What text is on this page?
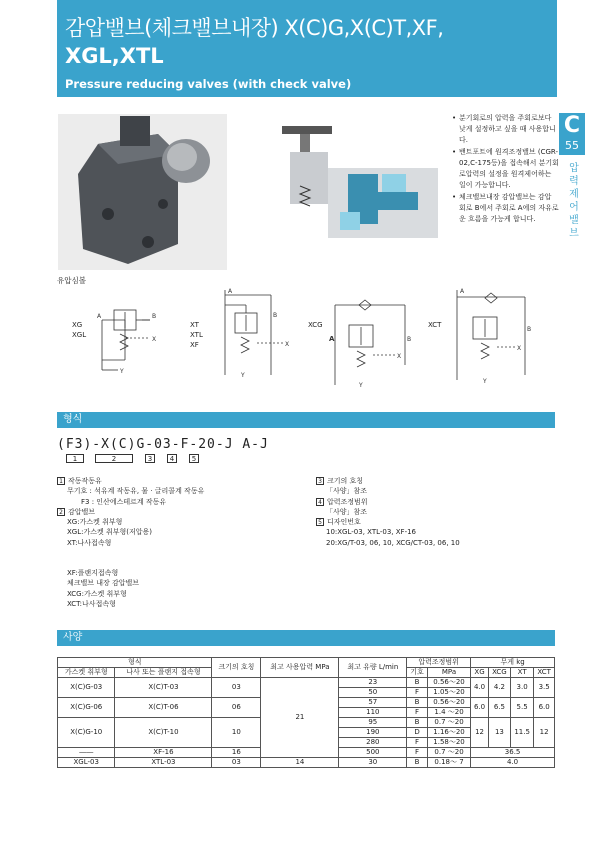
감압밸브(체크밸브내장) X(C)G,X(C)T,XF,
XGL,XTL
Pressure reducing valves (with check valve)
C
55
압력제어밸브
• 분기회로의 압력을 주회로보다 낮게 설정하고 싶을 때 사용합니다.
• 밴트포트에 원격조정밸브 (CGR-02,C-175등)을 접속해서 분기회로압력의 설정을 원격제어하는 일이 가능합니다.
• 체크밸브내장 감압밸브는 감압 회로 B에서 주회로 A에의 자유로운 흐름을 가능케 합니다.
유압심볼
XG
XGL
A	B
X
Y
XT
XTL
XF
A
B
X
Y
XCG
A	B
X
Y
XCT
A
B
X
Y
형식
(F3)-X(C)G-03-F-20-J A-J
1	2	3	4	5
1 작동작동유
무기호 : 석유계 작동유, 물 · 글리콜계 작동유
F3 : 인산에스테르계 작동유
2 감압밸브
XG:가스켓 취부형
XGL:가스켓 취부형(저압용)
XT:나사접속형
XF:플랜지접속형
체크밸브 내장 감압밸브
XCG:가스켓 취부형
XCT:나사접속형
3 크기의 호칭
「사양」참조
4 압력조정범위
「사양」참조
5 디자인번호
10:XGL-03, XTL-03, XF-16
20:XG/T-03, 06, 10, XCG/CT-03, 06, 10
사양
형식		크기의 호칭	최고 사용압력 MPa	최고 유량 L/min	압력조정범위		무게 kg			
가스켓 취부형	나사 또는 플랜지 접속형						XG	XCG	XT	XCT
					기호	MPa				
X(C)G-03	X(C)T-03	03	21	23	B	0.56～20	4.0	4.2	3.0	3.5
				50	F	1.05～20				
X(C)G-06	X(C)T-06	06		57	B	0.56～20	6.0	6.5	5.5	6.0
				110	F	1.4 ～20				
X(C)G-10	X(C)T-10	10		95	B	0.7 ～20	12	13	11.5	12
				190	D	1.16～20				
				280	F	1.58～20				
――	XF-16	16		500	F	0.7 ～20	36.5			
XGL-03	XTL-03	03	14	30	B	0.18～ 7	4.0			
